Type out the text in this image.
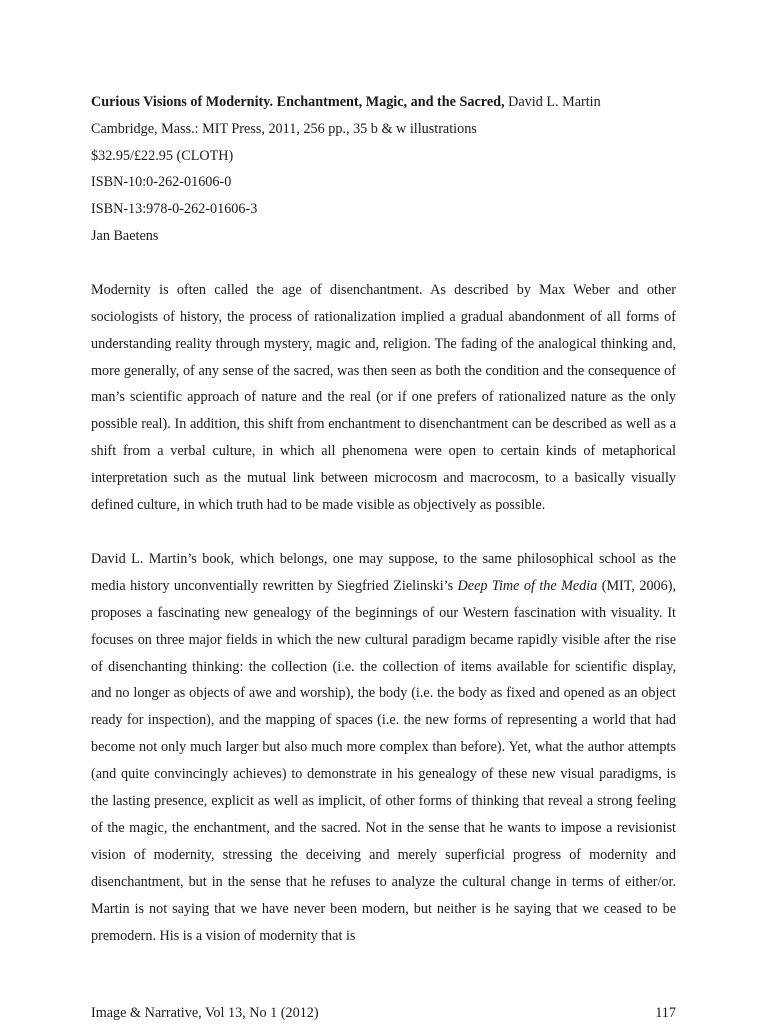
Curious Visions of Modernity. Enchantment, Magic, and the Sacred, David L. Martin

Cambridge, Mass.: MIT Press, 2011, 256 pp., 35 b & w illustrations

$32.95/£22.95 (CLOTH)

ISBN-10:0-262-01606-0

ISBN-13:978-0-262-01606-3

Jan Baetens

Modernity is often called the age of disenchantment. As described by Max Weber and other sociologists of history, the process of rationalization implied a gradual abandonment of all forms of understanding reality through mystery, magic and, religion. The fading of the analogical thinking and, more generally, of any sense of the sacred, was then seen as both the condition and the consequence of man’s scientific approach of nature and the real (or if one prefers of rationalized nature as the only possible real). In addition, this shift from enchantment to disenchantment can be described as well as a shift from a verbal culture, in which all phenomena were open to certain kinds of metaphorical interpretation such as the mutual link between microcosm and macrocosm, to a basically visually defined culture, in which truth had to be made visible as objectively as possible.

David L. Martin’s book, which belongs, one may suppose, to the same philosophical school as the media history unconventially rewritten by Siegfried Zielinski’s Deep Time of the Media (MIT, 2006), proposes a fascinating new genealogy of the beginnings of our Western fascination with visuality. It focuses on three major fields in which the new cultural paradigm became rapidly visible after the rise of disenchanting thinking: the collection (i.e. the collection of items available for scientific display, and no longer as objects of awe and worship), the body (i.e. the body as fixed and opened as an object ready for inspection), and the mapping of spaces (i.e. the new forms of representing a world that had become not only much larger but also much more complex than before). Yet, what the author attempts (and quite convincingly achieves) to demonstrate in his genealogy of these new visual paradigms, is the lasting presence, explicit as well as implicit, of other forms of thinking that reveal a strong feeling of the magic, the enchantment, and the sacred. Not in the sense that he wants to impose a revisionist vision of modernity, stressing the deceiving and merely superficial progress of modernity and disenchantment, but in the sense that he refuses to analyze the cultural change in terms of either/or. Martin is not saying that we have never been modern, but neither is he saying that we ceased to be premodern. His is a vision of modernity that is

Image & Narrative, Vol 13, No 1 (2012)	117
